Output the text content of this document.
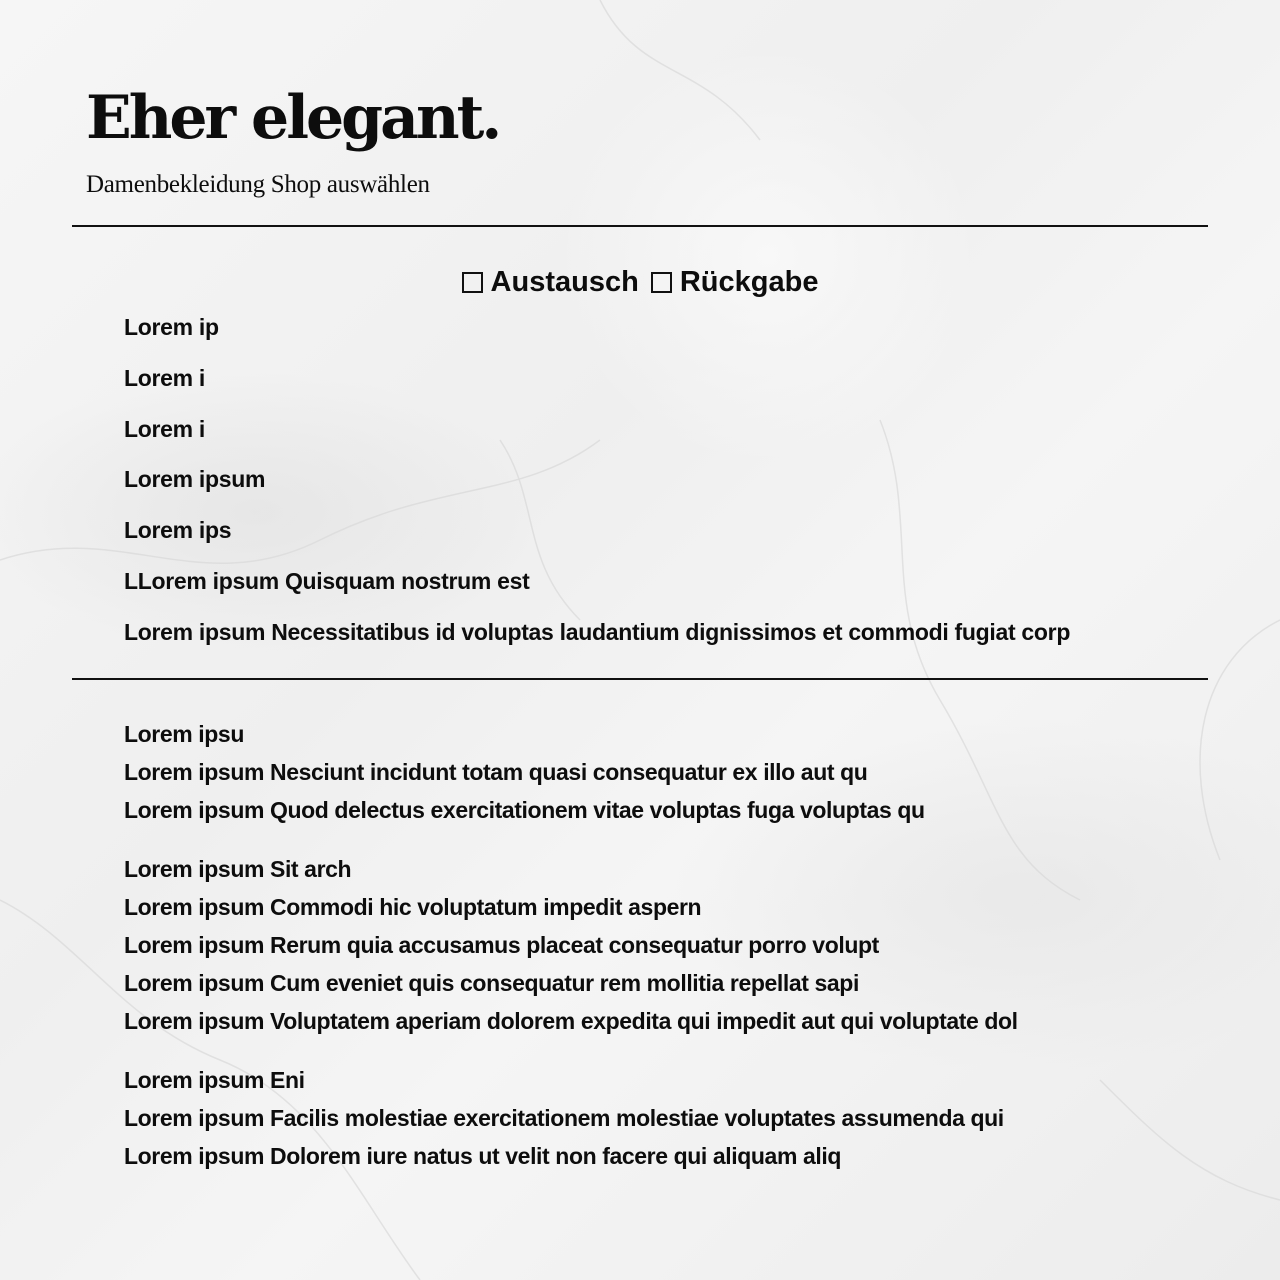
Eher elegant.

Damenbekleidung Shop auswählen

Austausch
Rückgabe
Lorem ip
Lorem i
Lorem i
Lorem ipsum
Lorem ips
LLorem ipsum Quisquam nostrum est
Lorem ipsum Necessitatibus id voluptas laudantium dignissimos et commodi fugiat corp
Lorem ipsu
Lorem ipsum Nesciunt incidunt totam quasi consequatur ex illo aut qu
Lorem ipsum Quod delectus exercitationem vitae voluptas fuga voluptas qu
Lorem ipsum Sit arch
Lorem ipsum Commodi hic voluptatum impedit aspern
Lorem ipsum Rerum quia accusamus placeat consequatur porro volupt
Lorem ipsum Cum eveniet quis consequatur rem mollitia repellat sapi
Lorem ipsum Voluptatem aperiam dolorem expedita qui impedit aut qui voluptate dol
Lorem ipsum Eni
Lorem ipsum Facilis molestiae exercitationem molestiae voluptates assumenda qui
Lorem ipsum Dolorem iure natus ut velit non facere qui aliquam aliq
